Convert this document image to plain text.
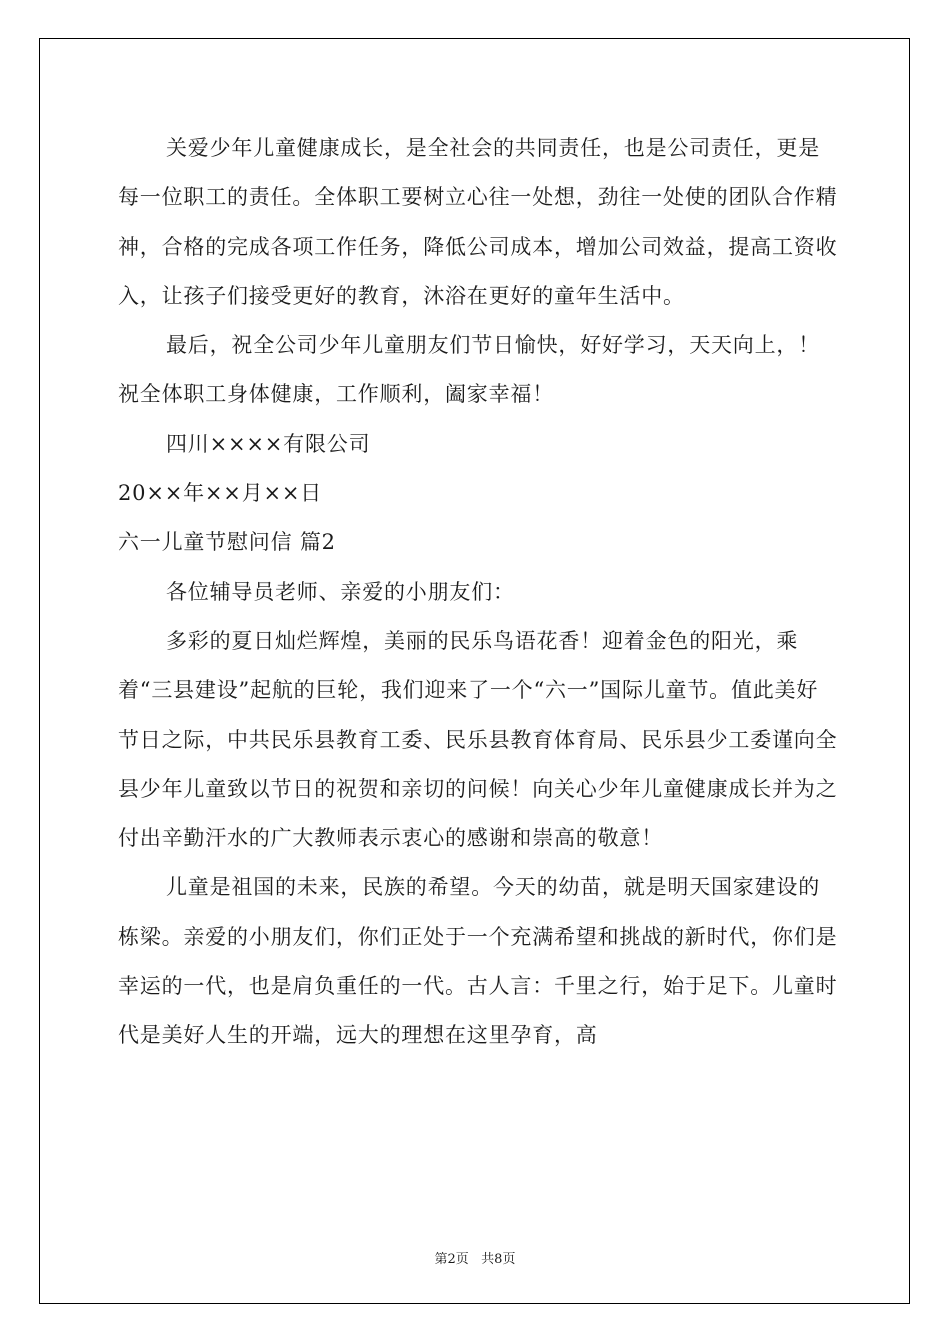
关爱少年儿童健康成长，是全社会的共同责任，也是公司责任，更是每一位职工的责任。全体职工要树立心往一处想，劲往一处使的团队合作精神，合格的完成各项工作任务，降低公司成本，增加公司效益，提高工资收入，让孩子们接受更好的教育，沐浴在更好的童年生活中。

最后，祝全公司少年儿童朋友们节日愉快，好好学习，天天向上，！祝全体职工身体健康，工作顺利，阖家幸福！

四川××××有限公司

20××年××月××日

六一儿童节慰问信 篇2

各位辅导员老师、亲爱的小朋友们：

多彩的夏日灿烂辉煌，美丽的民乐鸟语花香！迎着金色的阳光，乘着“三县建设”起航的巨轮，我们迎来了一个“六一”国际儿童节。值此美好节日之际，中共民乐县教育工委、民乐县教育体育局、民乐县少工委谨向全县少年儿童致以节日的祝贺和亲切的问候！向关心少年儿童健康成长并为之付出辛勤汗水的广大教师表示衷心的感谢和崇高的敬意！

儿童是祖国的未来，民族的希望。今天的幼苗，就是明天国家建设的栋梁。亲爱的小朋友们，你们正处于一个充满希望和挑战的新时代，你们是幸运的一代，也是肩负重任的一代。古人言：千里之行，始于足下。儿童时代是美好人生的开端，远大的理想在这里孕育，高

第2页   共8页
